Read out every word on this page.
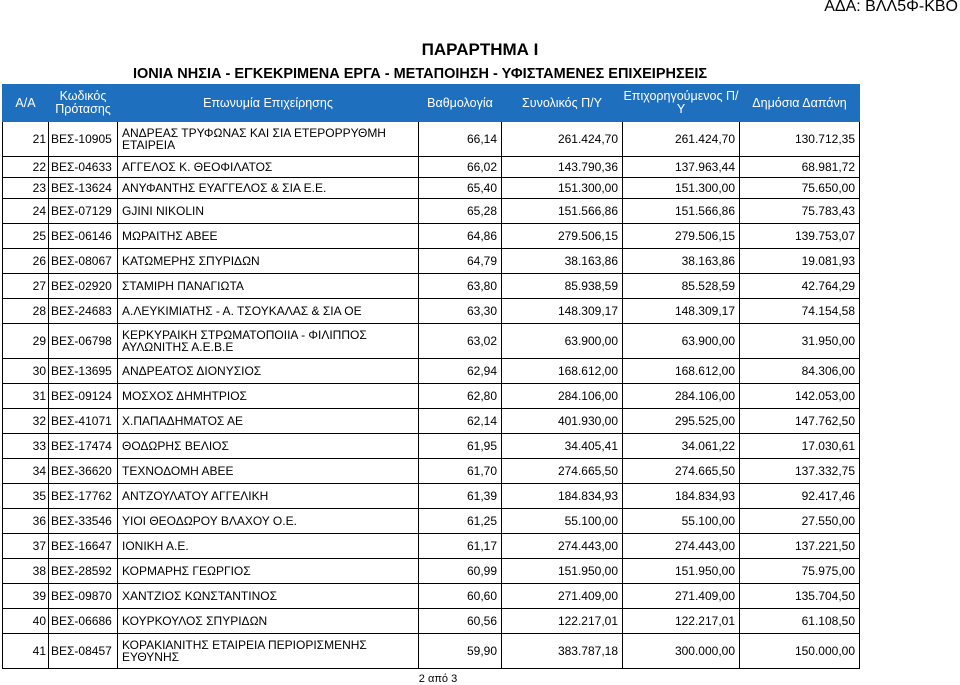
ΑΔΑ: ΒΛΛ5Φ-ΚΒΟ
ΠΑΡΑΡΤΗΜΑ Ι
ΙΟΝΙΑ ΝΗΣΙΑ - ΕΓΚΕΚΡΙΜΕΝΑ ΕΡΓΑ - ΜΕΤΑΠΟΙΗΣΗ - ΥΦΙΣΤΑΜΕΝΕΣ ΕΠΙΧΕΙΡΗΣΕΙΣ
Α/Α	Κωδικός Πρότασης	Επωνυμία Επιχείρησης	Βαθμολογία	Συνολικός Π/Υ	Επιχορηγούμενος Π/Υ	Δημόσια Δαπάνη
21	ΒΕΣ-10905	ΑΝΔΡΕΑΣ ΤΡΥΦΩΝΑΣ ΚΑΙ ΣΙΑ ΕΤΕΡΟΡΡΥΘΜΗ ΕΤΑΙΡΕΙΑ	66,14	261.424,70	261.424,70	130.712,35
22	ΒΕΣ-04633	ΑΓΓΕΛΟΣ Κ. ΘΕΟΦΙΛΑΤΟΣ	66,02	143.790,36	137.963,44	68.981,72
23	ΒΕΣ-13624	ΑΝΥΦΑΝΤΗΣ ΕΥΑΓΓΕΛΟΣ & ΣΙΑ Ε.Ε.	65,40	151.300,00	151.300,00	75.650,00
24	ΒΕΣ-07129	GJINI NIKOLIN	65,28	151.566,86	151.566,86	75.783,43
25	ΒΕΣ-06146	ΜΩΡΑΙΤΗΣ ΑΒΕΕ	64,86	279.506,15	279.506,15	139.753,07
26	ΒΕΣ-08067	ΚΑΤΩΜΕΡΗΣ ΣΠΥΡΙΔΩΝ	64,79	38.163,86	38.163,86	19.081,93
27	ΒΕΣ-02920	ΣΤΑΜΙΡΗ ΠΑΝΑΓΙΩΤΑ	63,80	85.938,59	85.528,59	42.764,29
28	ΒΕΣ-24683	Α.ΛΕΥΚΙΜΙΑΤΗΣ - Α. ΤΣΟΥΚΑΛΑΣ & ΣΙΑ ΟΕ	63,30	148.309,17	148.309,17	74.154,58
29	ΒΕΣ-06798	ΚΕΡΚΥΡΑΙΚΗ ΣΤΡΩΜΑΤΟΠΟΙΙΑ - ΦΙΛΙΠΠΟΣ ΑΥΛΩΝΙΤΗΣ Α.Ε.Β.Ε	63,02	63.900,00	63.900,00	31.950,00
30	ΒΕΣ-13695	ΑΝΔΡΕΑΤΟΣ ΔΙΟΝΥΣΙΟΣ	62,94	168.612,00	168.612,00	84.306,00
31	ΒΕΣ-09124	ΜΟΣΧΟΣ ΔΗΜΗΤΡΙΟΣ	62,80	284.106,00	284.106,00	142.053,00
32	ΒΕΣ-41071	Χ.ΠΑΠΑΔΗΜΑΤΟΣ ΑΕ	62,14	401.930,00	295.525,00	147.762,50
33	ΒΕΣ-17474	ΘΟΔΩΡΗΣ ΒΕΛΙΟΣ	61,95	34.405,41	34.061,22	17.030,61
34	ΒΕΣ-36620	ΤΕΧΝΟΔΟΜΗ ΑΒΕΕ	61,70	274.665,50	274.665,50	137.332,75
35	ΒΕΣ-17762	ΑΝΤΖΟΥΛΑΤΟΥ ΑΓΓΕΛΙΚΗ	61,39	184.834,93	184.834,93	92.417,46
36	ΒΕΣ-33546	ΥΙΟΙ ΘΕΟΔΩΡΟΥ ΒΛΑΧΟΥ Ο.Ε.	61,25	55.100,00	55.100,00	27.550,00
37	ΒΕΣ-16647	ΙΟΝΙΚΗ Α.Ε.	61,17	274.443,00	274.443,00	137.221,50
38	ΒΕΣ-28592	ΚΟΡΜΑΡΗΣ ΓΕΩΡΓΙΟΣ	60,99	151.950,00	151.950,00	75.975,00
39	ΒΕΣ-09870	ΧΑΝΤΖΙΟΣ ΚΩΝΣΤΑΝΤΙΝΟΣ	60,60	271.409,00	271.409,00	135.704,50
40	ΒΕΣ-06686	ΚΟΥΡΚΟΥΛΟΣ ΣΠΥΡΙΔΩΝ	60,56	122.217,01	122.217,01	61.108,50
41	ΒΕΣ-08457	ΚΟΡΑΚΙΑΝΙΤΗΣ ΕΤΑΙΡΕΙΑ ΠΕΡΙΟΡΙΣΜΕΝΗΣ ΕΥΘΥΝΗΣ	59,90	383.787,18	300.000,00	150.000,00
2 από 3
